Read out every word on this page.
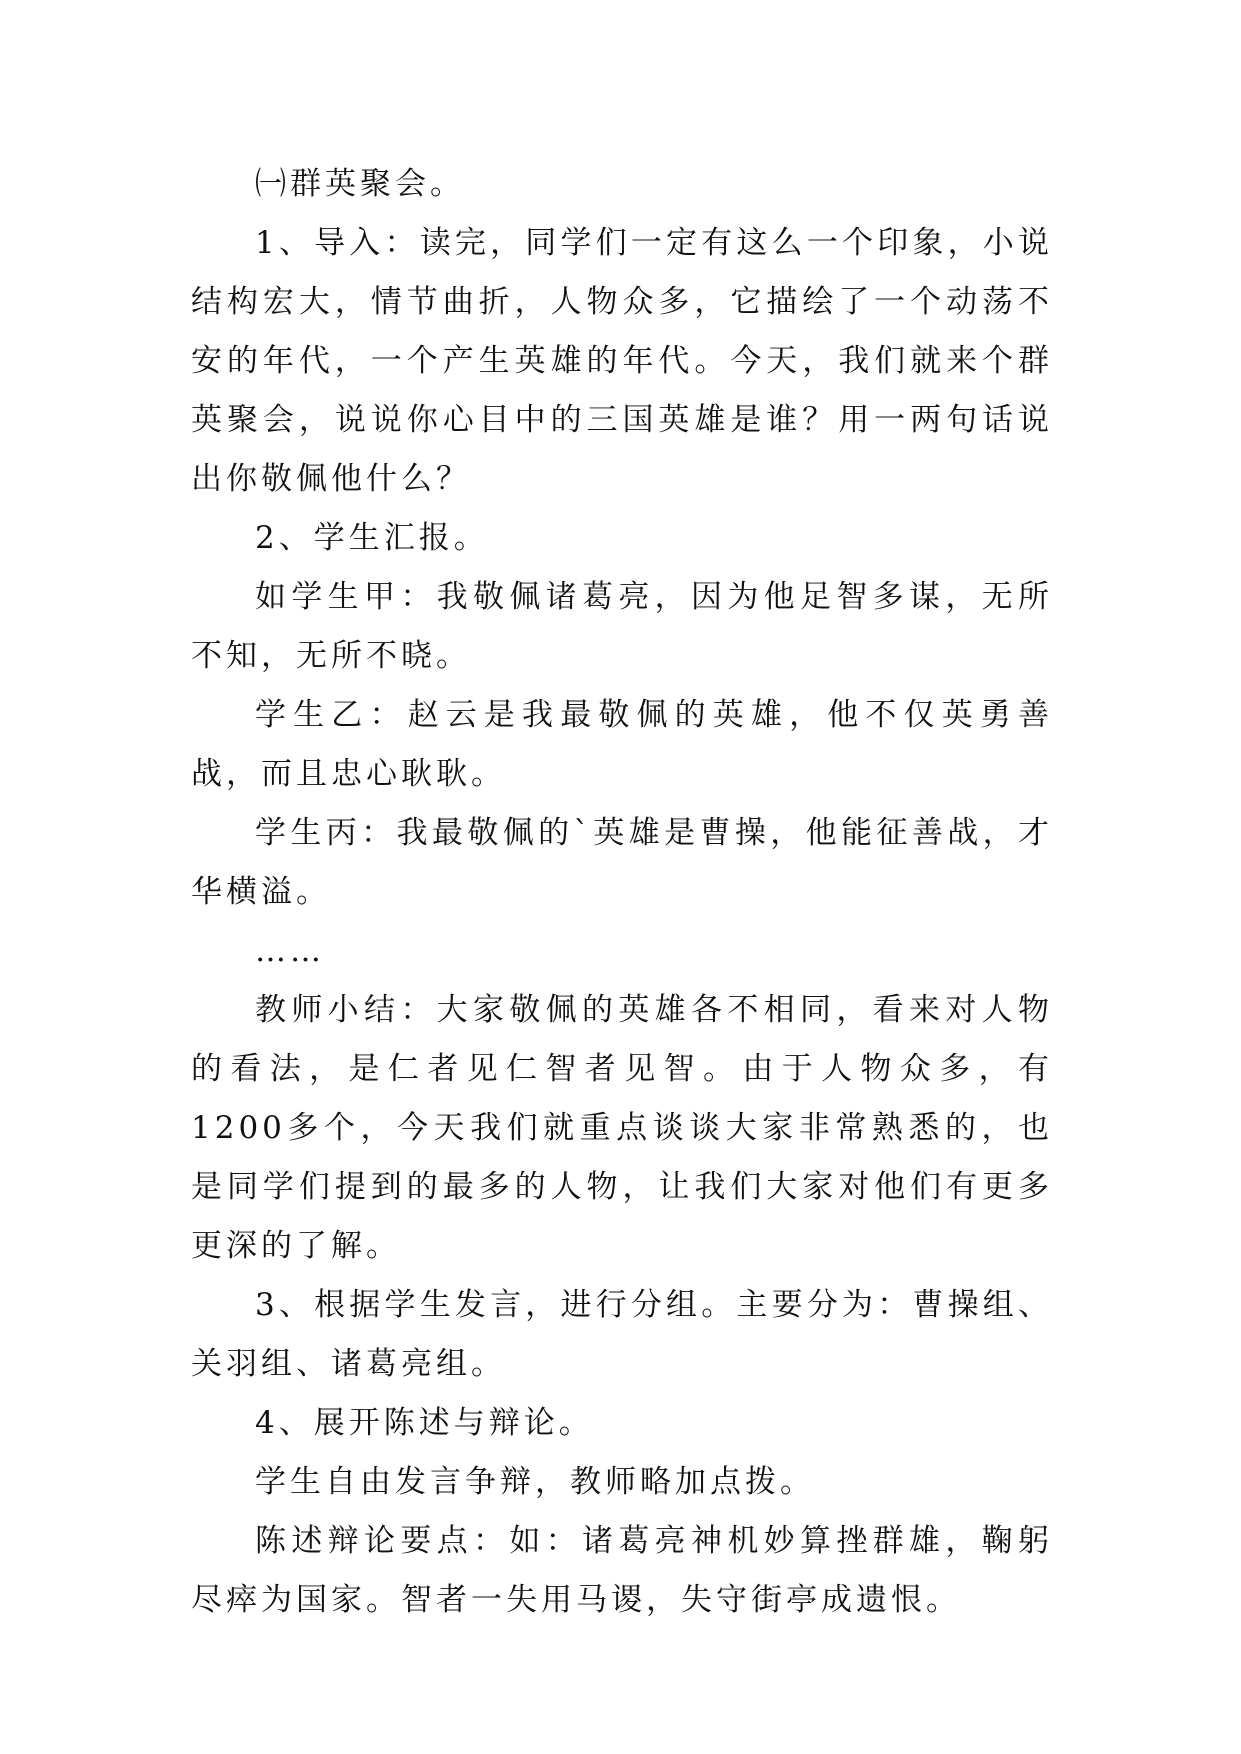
㈠群英聚会。

1、导入：读完，同学们一定有这么一个印象，小说结构宏大，情节曲折，人物众多，它描绘了一个动荡不安的年代，一个产生英雄的年代。今天，我们就来个群英聚会，说说你心目中的三国英雄是谁？用一两句话说出你敬佩他什么？

2、学生汇报。

如学生甲：我敬佩诸葛亮，因为他足智多谋，无所不知，无所不晓。

学生乙：赵云是我最敬佩的英雄，他不仅英勇善战，而且忠心耿耿。

学生丙：我最敬佩的`英雄是曹操，他能征善战，才华横溢。

……

教师小结：大家敬佩的英雄各不相同，看来对人物的看法，是仁者见仁智者见智。由于人物众多，有1200多个，今天我们就重点谈谈大家非常熟悉的，也是同学们提到的最多的人物，让我们大家对他们有更多更深的了解。

3、根据学生发言，进行分组。主要分为：曹操组、关羽组、诸葛亮组。

4、展开陈述与辩论。

学生自由发言争辩，教师略加点拨。

陈述辩论要点：如：诸葛亮神机妙算挫群雄，鞠躬尽瘁为国家。智者一失用马谡，失守街亭成遗恨。
